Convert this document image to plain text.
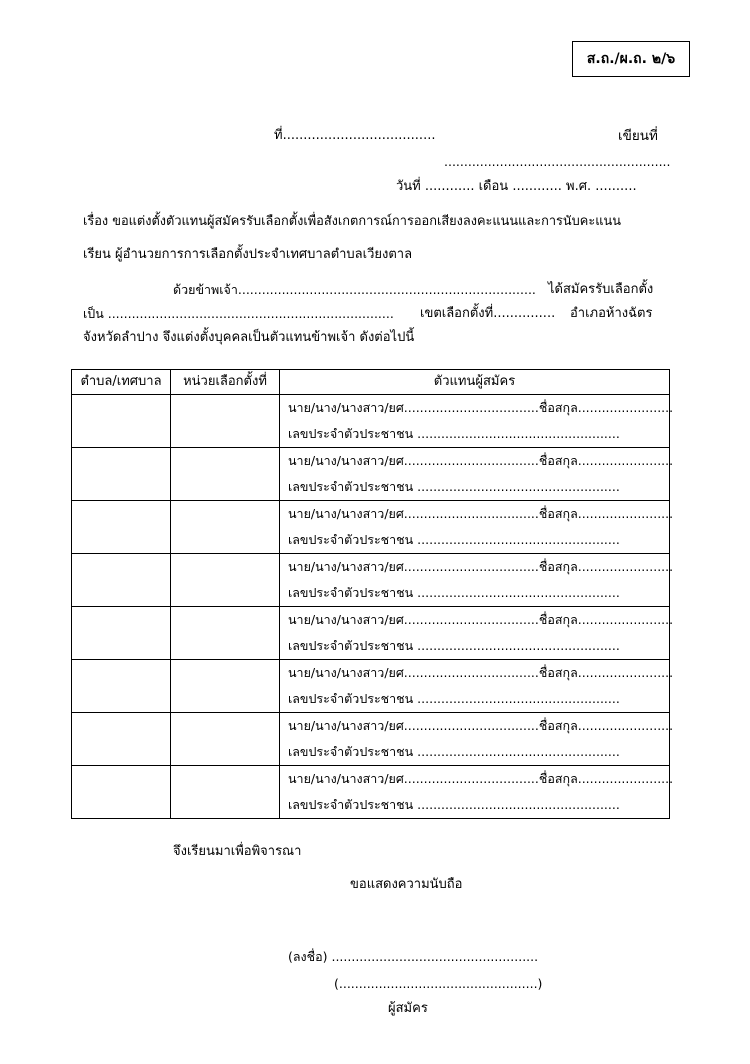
ส.ถ./ผ.ถ. ๒/๖
ที่.....................................	เขียนที่
.........................................................
วันที่ ............ เดือน ............ พ.ศ. ..........
เรื่อง ขอแต่งตั้งตัวแทนผู้สมัครรับเลือกตั้งเพื่อสังเกตการณ์การออกเสียงลงคะแนนและการนับคะแนน
เรียน ผู้อำนวยการการเลือกตั้งประจำเทศบาลตำบลเวียงตาล
ด้วยข้าพเจ้า........................................................................... ได้สมัครรับเลือกตั้ง
เป็น ........................................................................ เขตเลือกตั้งที่............... อำเภอห้างฉัตร
จังหวัดลำปาง จึงแต่งตั้งบุคคลเป็นตัวแทนข้าพเจ้า ดังต่อไปนี้
ตำบล/เทศบาล	หน่วยเลือกตั้งที่	ตัวแทนผู้สมัคร

		นาย/นาง/นางสาว/ยศ..................................ชื่อสกุล........................
เลขประจำตัวประชาชน ...................................................

		นาย/นาง/นางสาว/ยศ..................................ชื่อสกุล........................
เลขประจำตัวประชาชน ...................................................

		นาย/นาง/นางสาว/ยศ..................................ชื่อสกุล........................
เลขประจำตัวประชาชน ...................................................

		นาย/นาง/นางสาว/ยศ..................................ชื่อสกุล........................
เลขประจำตัวประชาชน ...................................................

		นาย/นาง/นางสาว/ยศ..................................ชื่อสกุล........................
เลขประจำตัวประชาชน ...................................................

		นาย/นาง/นางสาว/ยศ..................................ชื่อสกุล........................
เลขประจำตัวประชาชน ...................................................

		นาย/นาง/นางสาว/ยศ..................................ชื่อสกุล........................
เลขประจำตัวประชาชน ...................................................

		นาย/นาง/นางสาว/ยศ..................................ชื่อสกุล........................
เลขประจำตัวประชาชน ...................................................
จึงเรียนมาเพื่อพิจารณา
ขอแสดงความนับถือ
(ลงชื่อ) ....................................................
(..................................................)
ผู้สมัคร
